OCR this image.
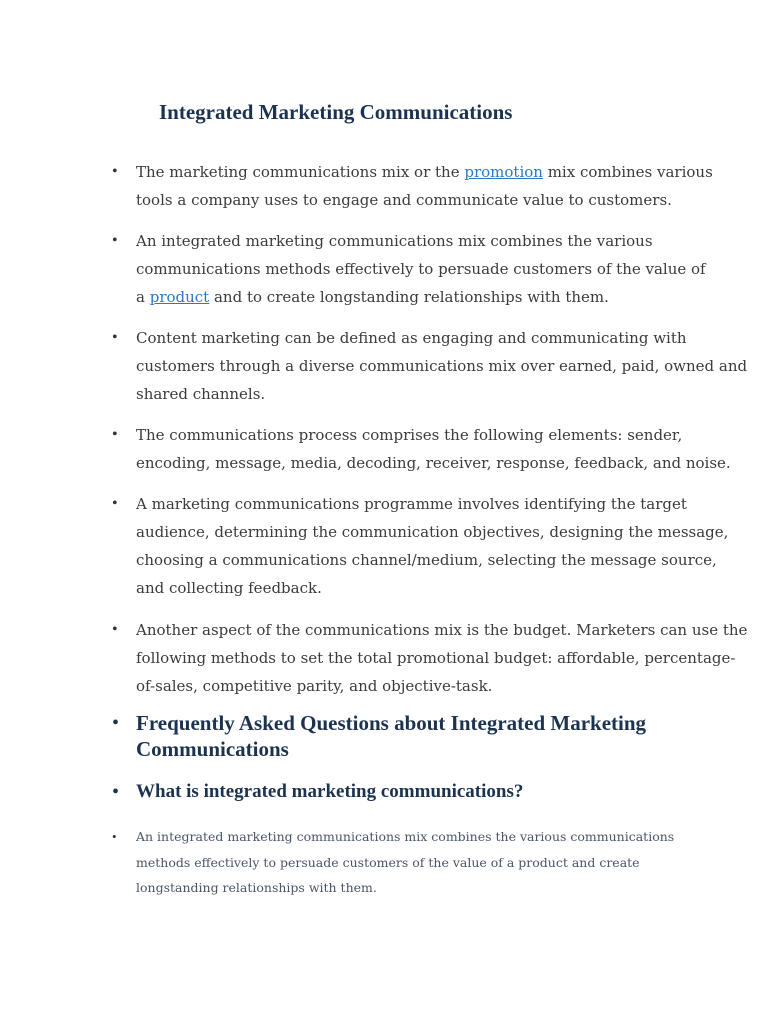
Integrated Marketing Communications
• The marketing communications mix or the promotion mix combines various
tools a company uses to engage and communicate value to customers.
• An integrated marketing communications mix combines the various
communications methods effectively to persuade customers of the value of
a product and to create longstanding relationships with them.
• Content marketing can be defined as engaging and communicating with
customers through a diverse communications mix over earned, paid, owned and
shared channels.
• The communications process comprises the following elements: sender,
encoding, message, media, decoding, receiver, response, feedback, and noise.
• A marketing communications programme involves identifying the target
audience, determining the communication objectives, designing the message,
choosing a communications channel/medium, selecting the message source,
and collecting feedback.
• Another aspect of the communications mix is the budget. Marketers can use the
following methods to set the total promotional budget: affordable, percentage-
of-sales, competitive parity, and objective-task.
• Frequently Asked Questions about Integrated Marketing
Communications
• What is integrated marketing communications?
• An integrated marketing communications mix combines the various communications
methods effectively to persuade customers of the value of a product and create
longstanding relationships with them.
